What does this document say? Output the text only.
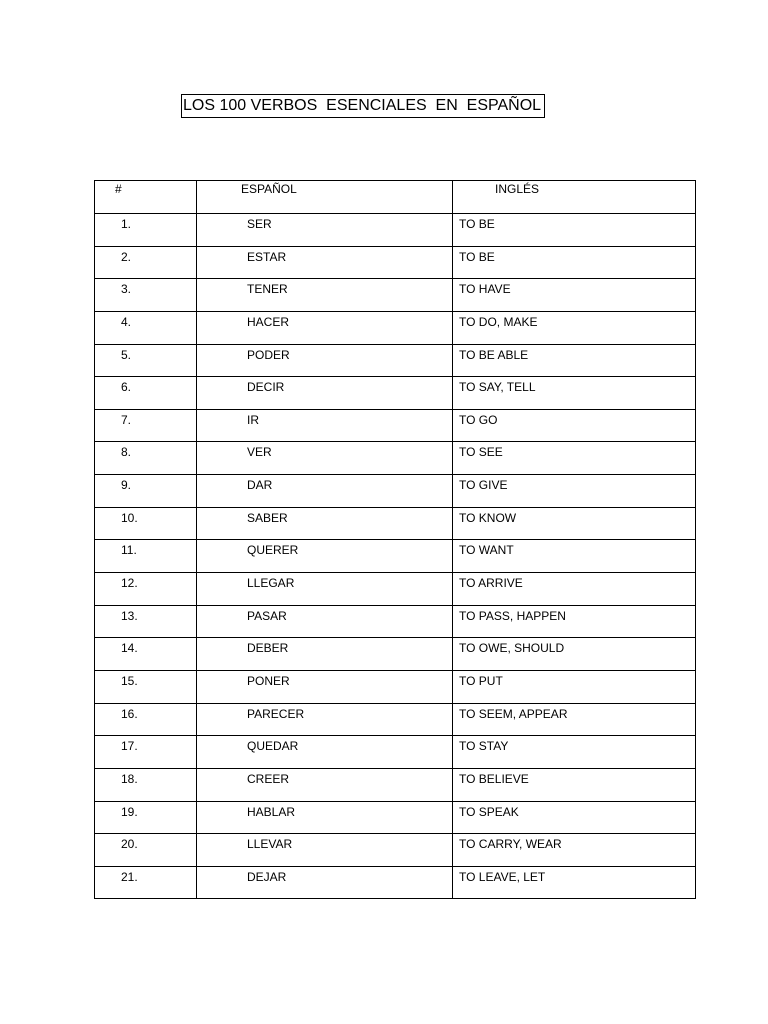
LOS 100 VERBOS  ESENCIALES  EN  ESPAÑOL
#	ESPAÑOL	INGLÉS
1.	SER	TO BE
2.	ESTAR	TO BE
3.	TENER	TO HAVE
4.	HACER	TO DO, MAKE
5.	PODER	TO BE ABLE
6.	DECIR	TO SAY, TELL
7.	IR	TO GO
8.	VER	TO SEE
9.	DAR	TO GIVE
10.	SABER	TO KNOW
11.	QUERER	TO WANT
12.	LLEGAR	TO ARRIVE
13.	PASAR	TO PASS, HAPPEN
14.	DEBER	TO OWE, SHOULD
15.	PONER	TO PUT
16.	PARECER	TO SEEM, APPEAR
17.	QUEDAR	TO STAY
18.	CREER	TO BELIEVE
19.	HABLAR	TO SPEAK
20.	LLEVAR	TO CARRY, WEAR
21.	DEJAR	TO LEAVE, LET
